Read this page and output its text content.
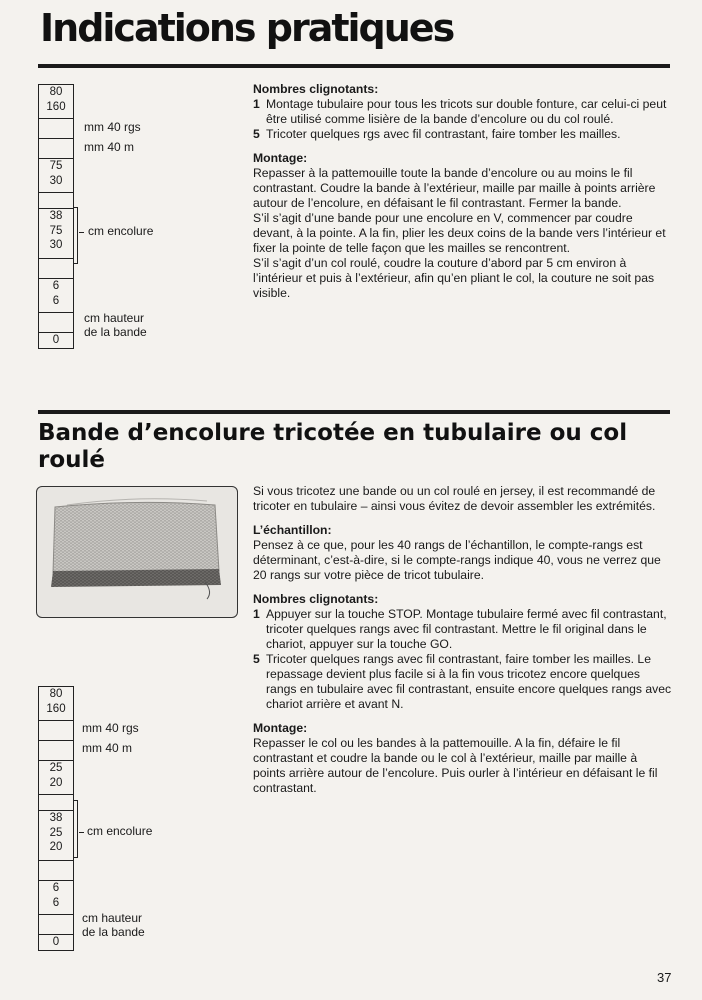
Indications pratiques
80
160
75
30
38
75
30
6
6
0
mm 40 rgs
mm 40 m
cm encolure
cm hauteur
de la bande

Nombres clignotants:

1 Montage tubulaire pour tous les tricots sur double fonture, car celui-ci peut être utilisé comme lisière de la bande d’encolure ou du col roulé.
5 Tricoter quelques rgs avec fil contrastant, faire tomber les mailles.

Montage:

Repasser à la pattemouille toute la bande d’encolure ou au moins le fil contrastant. Coudre la bande à l’extérieur, maille par maille à points arrière autour de l’encolure, en défaisant le fil contrastant. Fermer la bande.

S’il s’agit d’une bande pour une encolure en V, commencer par coudre devant, à la pointe. A la fin, plier les deux coins de la bande vers l’intérieur et fixer la pointe de telle façon que les mailles se rencontrent.

S’il s’agit d’un col roulé, coudre la couture d’abord par 5 cm environ à l’intérieur et puis à l’extérieur, afin qu’en pliant le col, la couture ne soit pas visible.

Bande d’encolure tricotée en tubulaire ou col roulé

Si vous tricotez une bande ou un col roulé en jersey, il est recommandé de tricoter en tubulaire – ainsi vous évitez de devoir assembler les extrémités.

L’échantillon:

Pensez à ce que, pour les 40 rangs de l’échantillon, le compte-rangs est déterminant, c’est-à-dire, si le compte-rangs indique 40, vous ne verrez que 20 rangs sur votre pièce de tricot tubulaire.

Nombres clignotants:

1 Appuyer sur la touche STOP. Montage tubulaire fermé avec fil contrastant, tricoter quelques rangs avec fil contrastant. Mettre le fil original dans le chariot, appuyer sur la touche GO.
5 Tricoter quelques rangs avec fil contrastant, faire tomber les mailles. Le repassage devient plus facile si à la fin vous tricotez encore quelques rangs en tubulaire avec fil contrastant, ensuite encore quelques rangs avec chariot arrière et avant N.

Montage:

Repasser le col ou les bandes à la pattemouille. A la fin, défaire le fil contrastant et coudre la bande ou le col à l’extérieur, maille par maille à points arrière autour de l’encolure. Puis ourler à l’intérieur en défaisant le fil contrastant.

80
160
25
20
38
25
20
6
6
0
mm 40 rgs
mm 40 m
cm encolure
cm hauteur
de la bande
37
